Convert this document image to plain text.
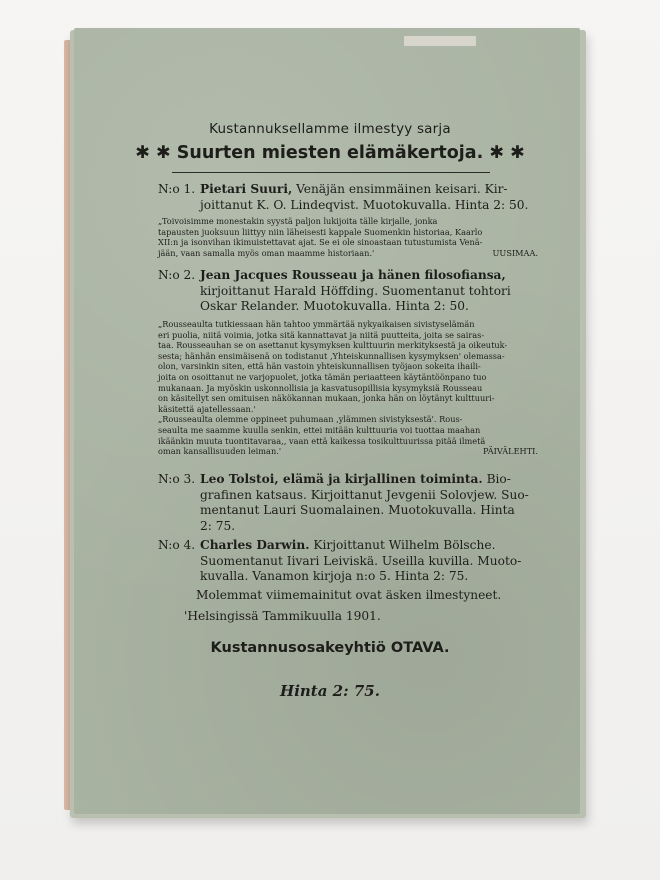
Kustannuksellamme ilmestyy sarja
✱ ✱ Suurten miesten elämäkertoja. ✱ ✱
N:o 1. Pietari Suuri, Venäjän ensimmäinen keisari. Kir-
joittanut K. O. Lindeqvist. Muotokuvalla. Hinta 2: 50.
„Toivoisimme monestakin syystä paljon lukijoita tälle kirjalle, jonka
tapausten juoksuun liittyy niin läheisesti kappale Suomenkin historiaa, Kaarlo
XII:n ja isonvihan ikimuistettavat ajat. Se ei ole sinoastaan tutustumista Venä-
jään, vaan samalla myös oman maamme historiaan.'	UUSIMAA.
N:o 2. Jean Jacques Rousseau ja hänen filosofiansa,
kirjoittanut Harald Höffding. Suomentanut tohtori
Oskar Relander. Muotokuvalla. Hinta 2: 50.
„Rousseaulta tutkiessaan hän tahtoo ymmärtää nykyaikaisen sivistyselämän
eri puolia, niitä voimia, jotka sitä kannattavat ja niitä puutteita, joita se sairas-
taa. Rousseauhan se on asettanut kysymyksen kulttuurin merkityksestä ja oikeutuk-
sesta; hänhän ensimäisenä on todistanut ‚Yhteiskunnallisen kysymyksen' olemassa-
olon, varsinkin siten, että hän vastoin yhteiskunnallisen työjaon sokeita ihaili-
joita on osoittanut ne varjopuolet, jotka tämän periaatteen käytäntöönpano tuo
mukanaan. Ja myöskin uskonnollisia ja kasvatusopillisia kysymyksiä Rousseau
on käsitellyt sen omituisen näkökannan mukaan, jonka hän on löytänyt kulttuuri-
käsitettä ajatellessaan.'
„Rousseaulta olemme oppineet puhumaan ‚ylämmen sivistyksestä'. Rous-
seaulta me saamme kuulla senkin, ettei mitään kulttuuria voi tuottaa maahan
ikäänkin muuta tuontitavaraa,‚ vaan että kaikessa tosikulttuurissa pitää ilmetä
oman kansallisuuden leiman.'	PÄIVÄLEHTI.
N:o 3. Leo Tolstoi, elämä ja kirjallinen toiminta. Bio-
grafinen katsaus. Kirjoittanut Jevgenii Solovjew. Suo-
mentanut Lauri Suomalainen. Muotokuvalla. Hinta
2: 75.
N:o 4. Charles Darwin. Kirjoittanut Wilhelm Bölsche.
Suomentanut Iivari Leiviskä. Useilla kuvilla. Muoto-
kuvalla. Vanamon kirjoja n:o 5. Hinta 2: 75.
Molemmat viimemainitut ovat äsken ilmestyneet.
'Helsingissä Tammikuulla 1901.
Kustannusosakeyhtiö OTAVA.
Hinta 2: 75.
